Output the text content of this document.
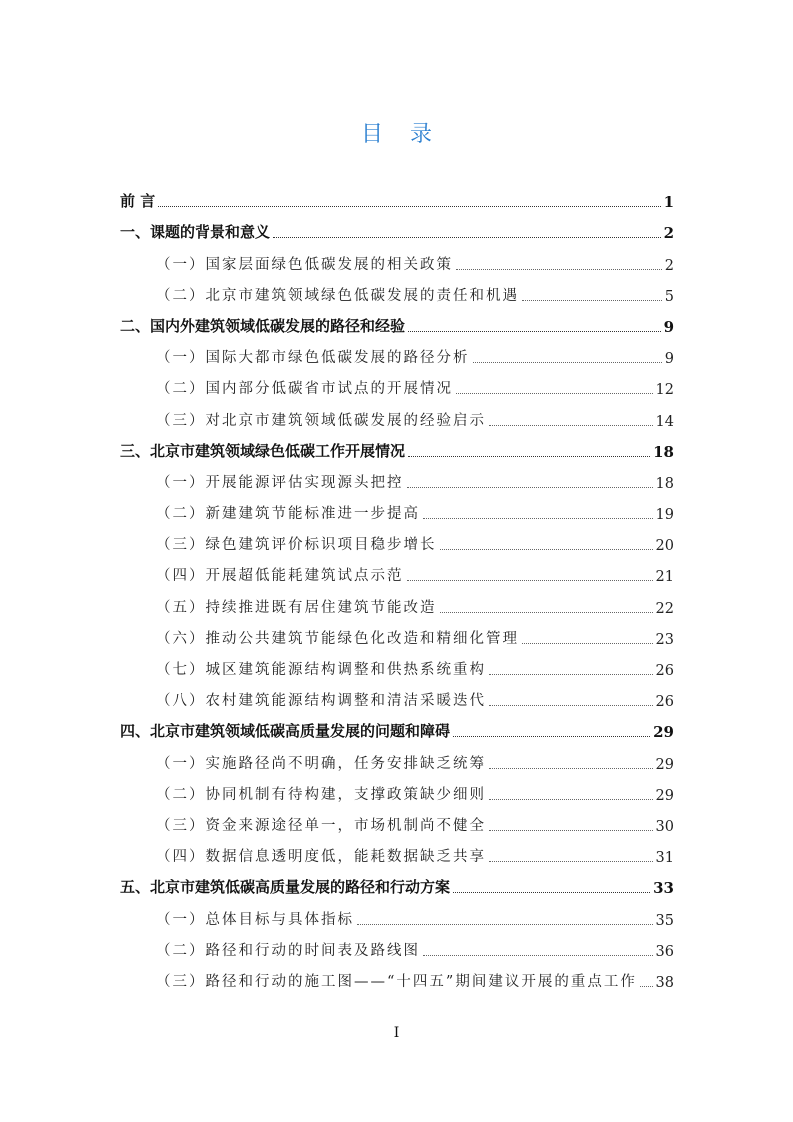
目 录
前 言	1
一、课题的背景和意义	2
（一）国家层面绿色低碳发展的相关政策	2
（二）北京市建筑领域绿色低碳发展的责任和机遇	5
二、国内外建筑领域低碳发展的路径和经验	9
（一）国际大都市绿色低碳发展的路径分析	9
（二）国内部分低碳省市试点的开展情况	12
（三）对北京市建筑领域低碳发展的经验启示	14
三、北京市建筑领域绿色低碳工作开展情况	18
（一）开展能源评估实现源头把控	18
（二）新建建筑节能标准进一步提高	19
（三）绿色建筑评价标识项目稳步增长	20
（四）开展超低能耗建筑试点示范	21
（五）持续推进既有居住建筑节能改造	22
（六）推动公共建筑节能绿色化改造和精细化管理	23
（七）城区建筑能源结构调整和供热系统重构	26
（八）农村建筑能源结构调整和清洁采暖迭代	26
四、北京市建筑领域低碳高质量发展的问题和障碍	29
（一）实施路径尚不明确，任务安排缺乏统筹	29
（二）协同机制有待构建，支撑政策缺少细则	29
（三）资金来源途径单一，市场机制尚不健全	30
（四）数据信息透明度低，能耗数据缺乏共享	31
五、北京市建筑低碳高质量发展的路径和行动方案	33
（一）总体目标与具体指标	35
（二）路径和行动的时间表及路线图	36
（三）路径和行动的施工图——“十四五”期间建议开展的重点工作 38
I
